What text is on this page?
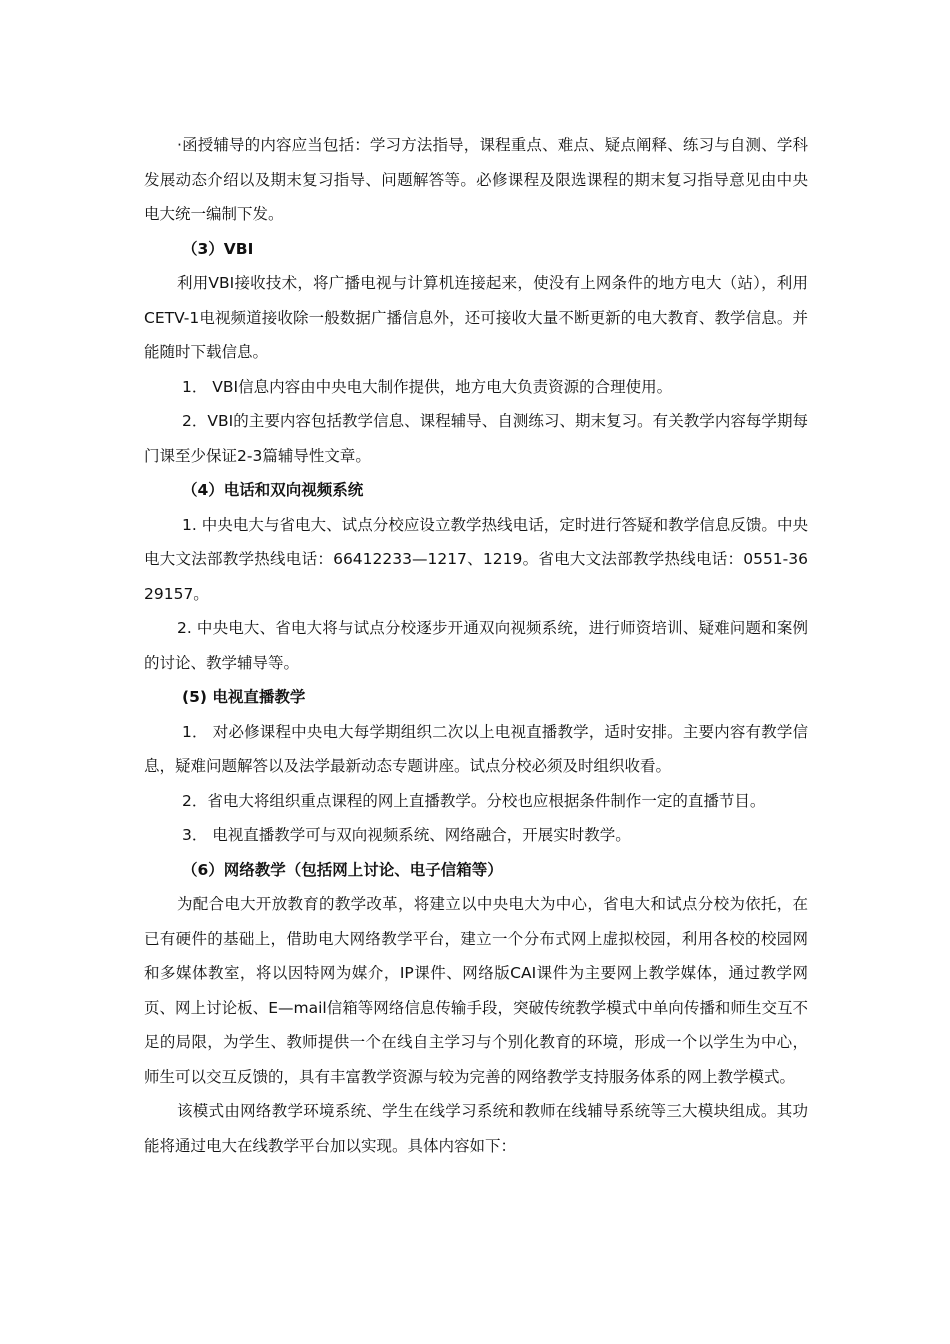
·函授辅导的内容应当包括：学习方法指导，课程重点、难点、疑点阐释、练习与自测、学科发展动态介绍以及期末复习指导、问题解答等。必修课程及限选课程的期末复习指导意见由中央电大统一编制下发。

（3）VBI

利用VBI接收技术，将广播电视与计算机连接起来，使没有上网条件的地方电大（站），利用CETV-1电视频道接收除一般数据广播信息外，还可接收大量不断更新的电大教育、教学信息。并能随时下载信息。

1． VBI信息内容由中央电大制作提供，地方电大负责资源的合理使用。

2．VBI的主要内容包括教学信息、课程辅导、自测练习、期末复习。有关教学内容每学期每门课至少保证2-3篇辅导性文章。

（4）电话和双向视频系统

1. 中央电大与省电大、试点分校应设立教学热线电话，定时进行答疑和教学信息反馈。中央电大文法部教学热线电话：66412233—1217、1219。省电大文法部教学热线电话：0551-3629157。

2. 中央电大、省电大将与试点分校逐步开通双向视频系统，进行师资培训、疑难问题和案例的讨论、教学辅导等。

(5) 电视直播教学

1． 对必修课程中央电大每学期组织二次以上电视直播教学，适时安排。主要内容有教学信息，疑难问题解答以及法学最新动态专题讲座。试点分校必须及时组织收看。

2．省电大将组织重点课程的网上直播教学。分校也应根据条件制作一定的直播节目。

3． 电视直播教学可与双向视频系统、网络融合，开展实时教学。

（6）网络教学（包括网上讨论、电子信箱等）

为配合电大开放教育的教学改革，将建立以中央电大为中心，省电大和试点分校为依托，在已有硬件的基础上，借助电大网络教学平台，建立一个分布式网上虚拟校园，利用各校的校园网和多媒体教室，将以因特网为媒介，IP课件、网络版CAI课件为主要网上教学媒体，通过教学网页、网上讨论板、E—mail信箱等网络信息传输手段，突破传统教学模式中单向传播和师生交互不足的局限，为学生、教师提供一个在线自主学习与个别化教育的环境，形成一个以学生为中心，师生可以交互反馈的，具有丰富教学资源与较为完善的网络教学支持服务体系的网上教学模式。

该模式由网络教学环境系统、学生在线学习系统和教师在线辅导系统等三大模块组成。其功能将通过电大在线教学平台加以实现。具体内容如下：
